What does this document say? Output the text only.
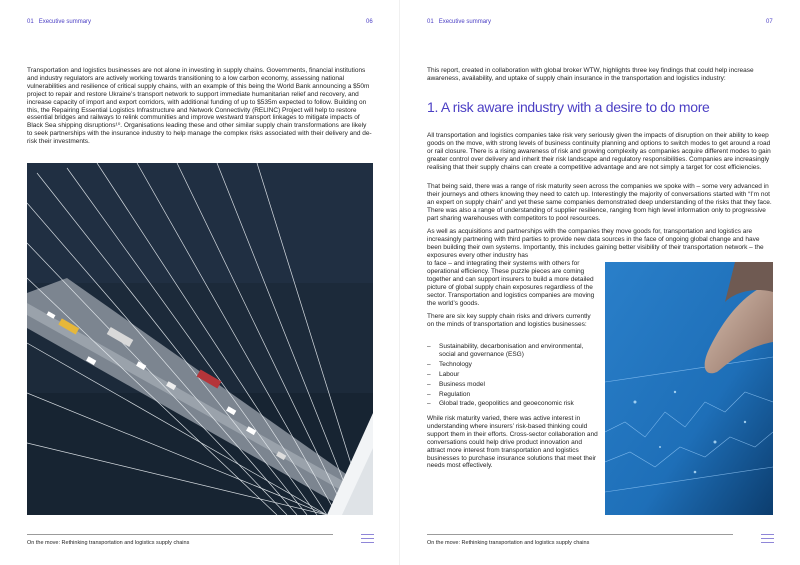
01 Executive summary	06

Transportation and logistics businesses are not alone in investing in supply chains. Governments, financial institutions and industry regulators are actively working towards transitioning to a low carbon economy, assessing national vulnerabilities and resilience of critical supply chains, with an example of this being the World Bank announcing a $50m project to repair and restore Ukraine’s transport network to support immediate humanitarian relief and recovery, and increase capacity of import and export corridors, with additional funding of up to $535m expected to follow. Building on this, the Repairing Essential Logistics Infrastructure and Network Connectivity (RELINC) Project will help to restore essential bridges and railways to relink communities and improve westward transport linkages to mitigate impacts of Black Sea shipping disruptions¹⁰. Organisations leading these and other similar supply chain transformations are likely to seek partnerships with the insurance industry to help manage the complex risks associated with their delivery and de-risk their investments.

On the move: Rethinking transportation and logistics supply chains
01 Executive summary	07

This report, created in collaboration with global broker WTW, highlights three key findings that could help increase awareness, availability, and uptake of supply chain insurance in the transportation and logistics industry:

1. A risk aware industry with a desire to do more

All transportation and logistics companies take risk very seriously given the impacts of disruption on their ability to keep goods on the move, with strong levels of business continuity planning and options to switch modes to get around a road or rail closure. There is a rising awareness of risk and growing complexity as companies acquire different modes to gain greater control over delivery and inherit their risk landscape and regulatory responsibilities. Companies are increasingly realising that their supply chains can create a competitive advantage and are not simply a target for cost efficiencies.

That being said, there was a range of risk maturity seen across the companies we spoke with – some very advanced in their journeys and others knowing they need to catch up. Interestingly the majority of conversations started with “I’m not an expert on supply chain” and yet these same companies demonstrated deep understanding of the risks that they face. There was also a range of understanding of supplier resilience, ranging from high level information only to progressive part sharing warehouses with competitors to pool resources.

As well as acquisitions and partnerships with the companies they move goods for, transportation and logistics are increasingly partnering with third parties to provide new data sources in the face of ongoing global change and have been building their own systems. Importantly, this includes gaining better visibility of their transportation network – the exposures every other industry has

to face – and integrating their systems with others for operational efficiency. These puzzle pieces are coming together and can support insurers to build a more detailed picture of global supply chain exposures regardless of the sector. Transportation and logistics companies are moving the world’s goods.

There are six key supply chain risks and drivers currently on the minds of transportation and logistics businesses:

– Sustainability, decarbonisation and environmental, social and governance (ESG)
– Technology
– Labour
– Business model
– Regulation
– Global trade, geopolitics and geoeconomic risk

While risk maturity varied, there was active interest in understanding where insurers’ risk-based thinking could support them in their efforts. Cross-sector collaboration and conversations could help drive product innovation and attract more interest from transportation and logistics businesses to purchase insurance solutions that meet their needs most effectively.

On the move: Rethinking transportation and logistics supply chains
